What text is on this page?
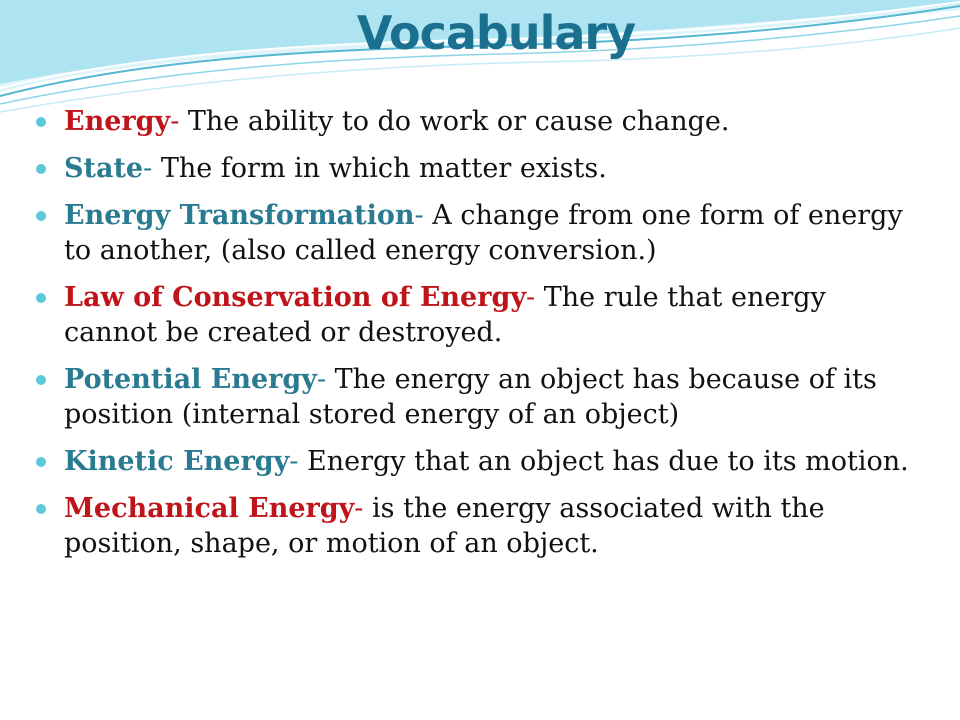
Vocabulary
Energy- The ability to do work or cause change.
State- The form in which matter exists.
Energy Transformation- A change from one form of energy to another, (also called energy conversion.)
Law of Conservation of Energy- The rule that energy cannot be created or destroyed.
Potential Energy- The energy an object has because of its position (internal stored energy of an object)
Kinetic Energy- Energy that an object has due to its motion.
Mechanical Energy- is the energy associated with the position, shape, or motion of an object.
